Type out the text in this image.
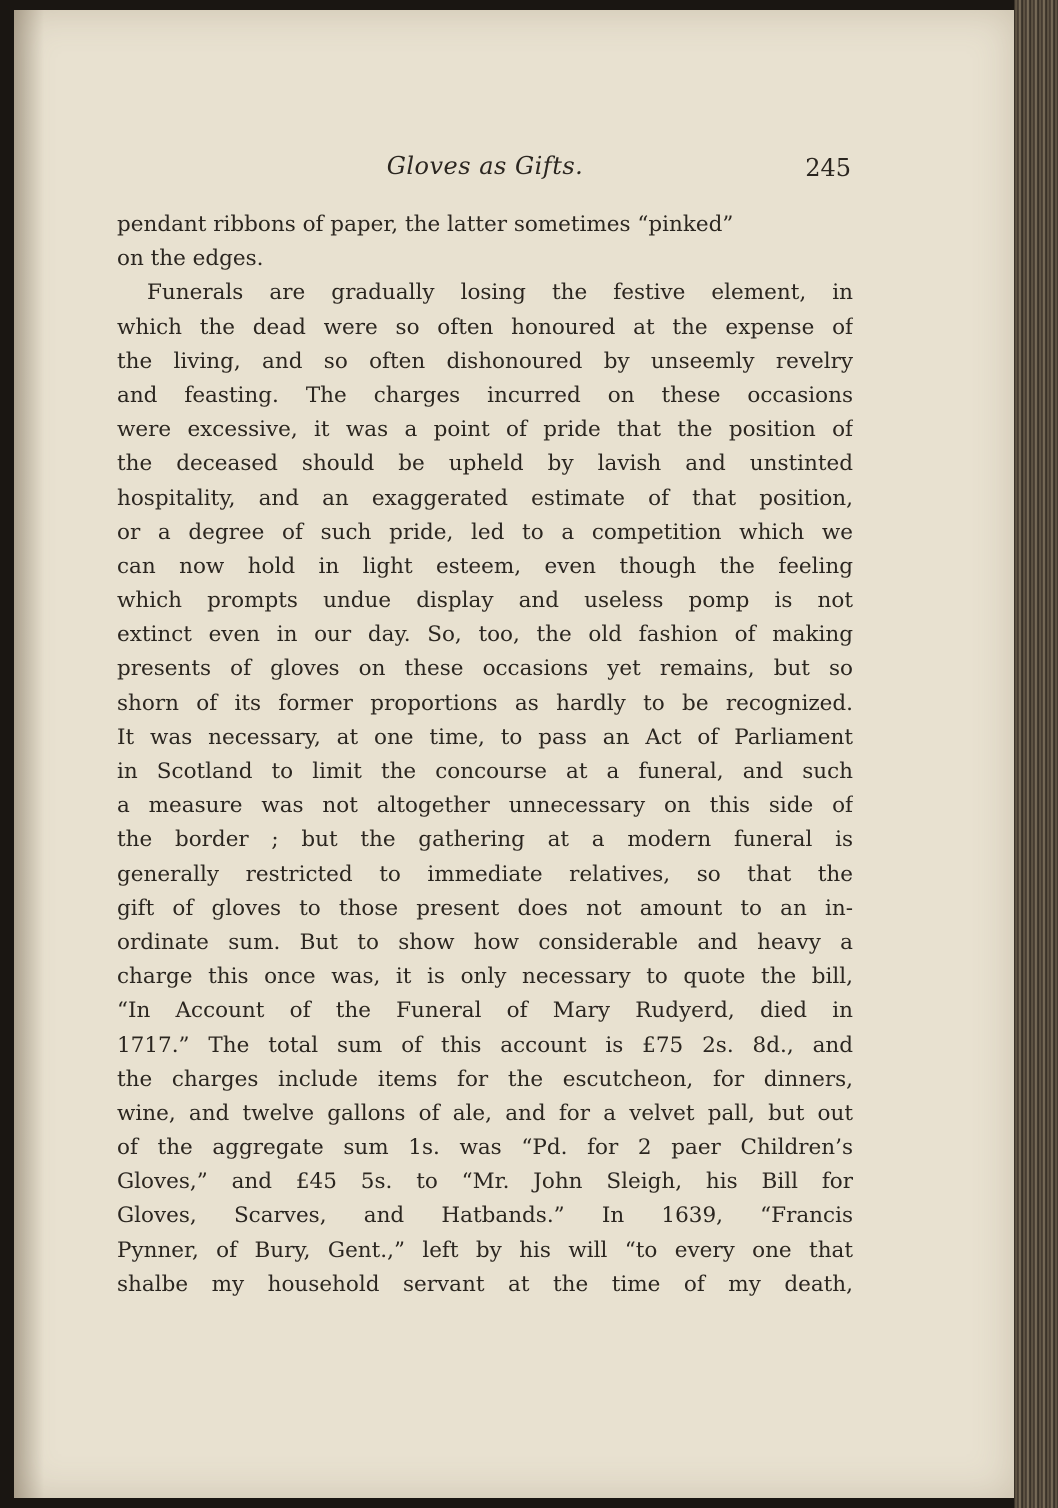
Gloves as Gifts.	245
pendant ribbons of paper, the latter sometimes “pinked”
on the edges.
Funerals are gradually losing the festive element, in
which the dead were so often honoured at the expense of
the living, and so often dishonoured by unseemly revelry
and feasting. The charges incurred on these occasions
were excessive, it was a point of pride that the position of
the deceased should be upheld by lavish and unstinted
hospitality, and an exaggerated estimate of that position,
or a degree of such pride, led to a competition which we
can now hold in light esteem, even though the feeling
which prompts undue display and useless pomp is not
extinct even in our day. So, too, the old fashion of making
presents of gloves on these occasions yet remains, but so
shorn of its former proportions as hardly to be recognized.
It was necessary, at one time, to pass an Act of Parliament
in Scotland to limit the concourse at a funeral, and such
a measure was not altogether unnecessary on this side of
the border ; but the gathering at a modern funeral is
generally restricted to immediate relatives, so that the
gift of gloves to those present does not amount to an in-
ordinate sum. But to show how considerable and heavy a
charge this once was, it is only necessary to quote the bill,
“In Account of the Funeral of Mary Rudyerd, died in
1717.” The total sum of this account is £75 2s. 8d., and
the charges include items for the escutcheon, for dinners,
wine, and twelve gallons of ale, and for a velvet pall, but out
of the aggregate sum 1s. was “Pd. for 2 paer Children’s
Gloves,” and £45 5s. to “Mr. John Sleigh, his Bill for
Gloves, Scarves, and Hatbands.” In 1639, “Francis
Pynner, of Bury, Gent.,” left by his will “to every one that
shalbe my household servant at the time of my death,
